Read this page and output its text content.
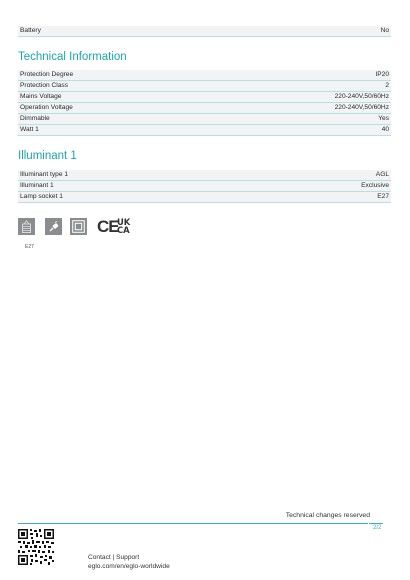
Battery	No
Technical Information
Protection Degree	IP20
Protection Class	2
Mains Voltage	220-240V,50/60Hz
Operation Voltage	220-240V,50/60Hz
Dimmable	Yes
Watt 1	40
Illuminant 1
Illuminant type 1	AGL
Illuminant 1	Exclusive
Lamp socket 1	E27
E27
CE
UK
CA
Technical changes reserved
2/2
Contact | Support
eglo.com/en/eglo-worldwide
